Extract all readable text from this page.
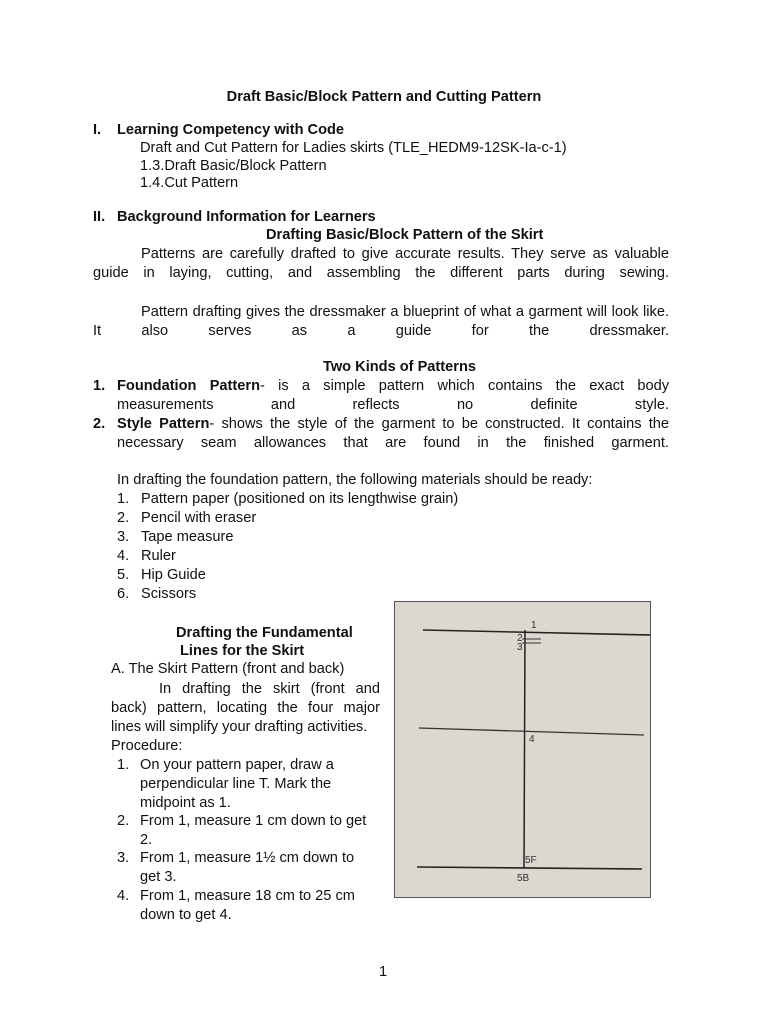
Draft Basic/Block Pattern and Cutting Pattern
I. Learning Competency with Code
Draft and Cut Pattern for Ladies skirts (TLE_HEDM9-12SK-Ia-c-1)
1.3.Draft Basic/Block Pattern
1.4.Cut Pattern
II. Background Information for Learners
Drafting Basic/Block Pattern of the Skirt
Patterns are carefully drafted to give accurate results. They serve as valuable guide in laying, cutting, and assembling the different parts during sewing.
Pattern drafting gives the dressmaker a blueprint of what a garment will look like. It also serves as a guide for the dressmaker.
Two Kinds of Patterns
1. Foundation Pattern- is a simple pattern which contains the exact body measurements and reflects no definite style.
2. Style Pattern- shows the style of the garment to be constructed. It contains the necessary seam allowances that are found in the finished garment.
In drafting the foundation pattern, the following materials should be ready:
1. Pattern paper (positioned on its lengthwise grain)
2. Pencil with eraser
3. Tape measure
4. Ruler
5. Hip Guide
6. Scissors
Drafting the Fundamental
Lines for the Skirt
A. The Skirt Pattern (front and back)
In drafting the skirt (front and
back) pattern, locating the four major
lines will simplify your drafting activities.
Procedure:
1. On your pattern paper, draw a
perpendicular line T. Mark the
midpoint as 1.
2. From 1, measure 1 cm down to get
2.
3. From 1, measure 1½ cm down to
get 3.
4. From 1, measure 18 cm to 25 cm
down to get 4.
1
2
3
4
5F
5B
1
